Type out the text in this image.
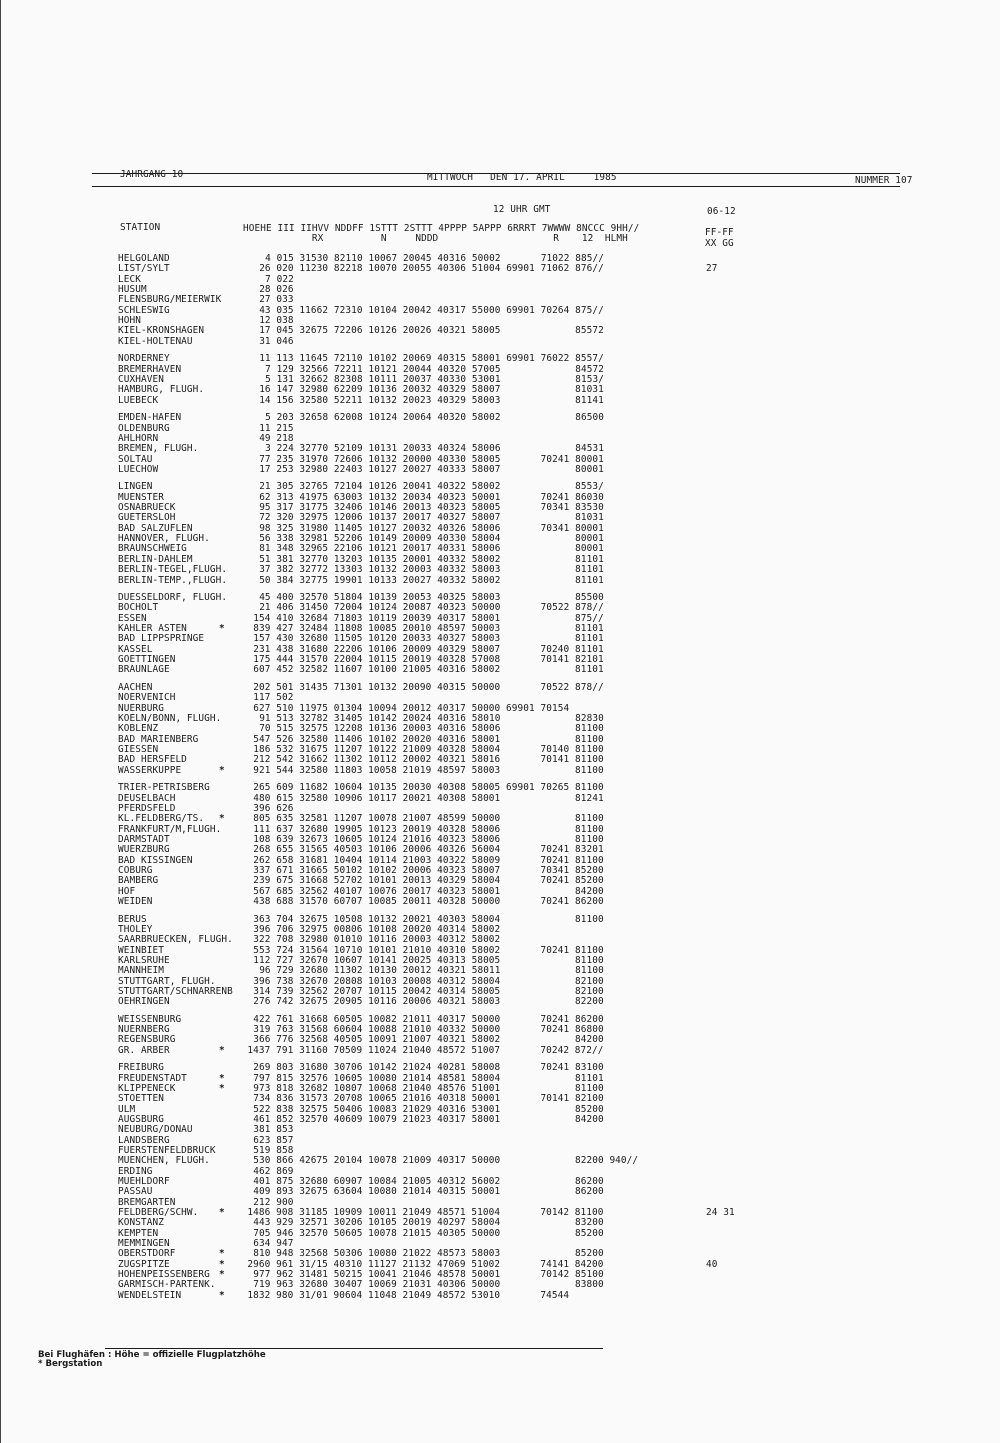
JAHRGANG 10	MITTWOCH   DEN 17. APRIL     1985	NUMMER 107
12 UHR GMT	06-12
STATION	HOEHE III IIHVV NDDFF 1STTT 2STTT 4PPPP 5APPP 6RRRT 7WWWW 8NCCC 9HH//
RX          N     NDDD                    R    12  HLMH
FF-FF
XX GG
HELGOLAND	4 015 31530 82110 10067 20045 40316 50002       71022 885//
LIST/SYLT	26 020 11230 82218 10070 20055 40306 51004 69901 71062 876//	27
LECK	7 022
HUSUM	28 026
FLENSBURG/MEIERWIK	27 033
SCHLESWIG	43 035 11662 72310 10104 20042 40317 55000 69901 70264 875//
HOHN	12 038
KIEL-KRONSHAGEN	17 045 32675 72206 10126 20026 40321 58005             85572
KIEL-HOLTENAU	31 046
NORDERNEY	11 113 11645 72110 10102 20069 40315 58001 69901 76022 8557/
BREMERHAVEN	7 129 32566 72211 10121 20044 40320 57005             84572
CUXHAVEN	5 131 32662 82308 10111 20037 40330 53001             8153/
HAMBURG, FLUGH.	16 147 32980 62209 10136 20032 40329 58007             81031
LUEBECK	14 156 32580 52211 10132 20023 40329 58003             81141
EMDEN-HAFEN	5 203 32658 62008 10124 20064 40320 58002             86500
OLDENBURG	11 215
AHLHORN	49 218
BREMEN, FLUGH.	3 224 32770 52109 10131 20033 40324 58006             84531
SOLTAU	77 235 31970 72606 10132 20000 40330 58005       70241 80001
LUECHOW	17 253 32980 22403 10127 20027 40333 58007             80001
LINGEN	21 305 32765 72104 10126 20041 40322 58002             8553/
MUENSTER	62 313 41975 63003 10132 20034 40323 50001       70241 86030
OSNABRUECK	95 317 31775 32406 10146 20013 40323 58005       70341 83530
GUETERSLOH	72 320 32975 12006 10137 20017 40327 58007             81031
BAD SALZUFLEN	98 325 31980 11405 10127 20032 40326 58006       70341 80001
HANNOVER, FLUGH.	56 338 32981 52206 10149 20009 40330 58004             80001
BRAUNSCHWEIG	81 348 32965 22106 10121 20017 40331 58006             80001
BERLIN-DAHLEM	51 381 32770 13203 10135 20001 40332 58002             81101
BERLIN-TEGEL,FLUGH.	37 382 32772 13303 10132 20003 40332 58003             81101
BERLIN-TEMP.,FLUGH.	50 384 32775 19901 10133 20027 40332 58002             81101
DUESSELDORF, FLUGH.	45 400 32570 51804 10139 20053 40325 58003             85500
BOCHOLT	21 406 31450 72004 10124 20087 40323 50000       70522 878//
ESSEN	154 410 32684 71803 10119 20039 40317 58001             875//
KAHLER ASTEN	*	839 427 32484 11808 10085 20010 48597 50003             81101
BAD LIPPSPRINGE	157 430 32680 11505 10120 20033 40327 58003             81101
KASSEL	231 438 31680 22206 10106 20009 40329 58007       70240 81101
GOETTINGEN	175 444 31570 22004 10115 20019 40328 57008       70141 82101
BRAUNLAGE	607 452 32582 11607 10100 21005 40316 58002             81101
AACHEN	202 501 31435 71301 10132 20090 40315 50000       70522 878//
NOERVENICH	117 502
NUERBURG	627 510 11975 01304 10094 20012 40317 50000 69901 70154
KOELN/BONN, FLUGH.	91 513 32782 31405 10142 20024 40316 58010             82830
KOBLENZ	70 515 32575 12208 10136 20003 40316 58006             81100
BAD MARIENBERG	547 526 32580 11406 10102 20020 40316 58001             81100
GIESSEN	186 532 31675 11207 10122 21009 40328 58004       70140 81100
BAD HERSFELD	212 542 31662 11302 10112 20002 40321 58016       70141 81100
WASSERKUPPE	*	921 544 32580 11803 10058 21019 48597 58003             81100
TRIER-PETRISBERG	265 609 11682 10604 10135 20030 40308 58005 69901 70265 81100
DEUSELBACH	480 615 32580 10906 10117 20021 40308 58001             81241
PFERDSFELD	396 626
KL.FELDBERG/TS. *	805 635 32581 11207 10078 21007 48599 50000             81100
FRANKFURT/M,FLUGH.	111 637 32680 19905 10123 20019 40328 58006             81100
DARMSTADT	108 639 32673 10605 10124 21016 40323 58006             81100
WUERZBURG	268 655 31565 40503 10106 20006 40326 56004       70241 83201
BAD KISSINGEN	262 658 31681 10404 10114 21003 40322 58009       70241 81100
COBURG	337 671 31665 50102 10102 20006 40323 58007       70341 85200
BAMBERG	239 675 31668 52702 10101 20013 40329 58004       70241 85200
HOF	567 685 32562 40107 10076 20017 40323 58001             84200
WEIDEN	438 688 31570 60707 10085 20011 40328 50000       70241 86200
BERUS	363 704 32675 10508 10132 20021 40303 58004             81100
THOLEY	396 706 32975 00806 10108 20020 40314 58002
SAARBRUECKEN, FLUGH. 322 708 32980 01010 10116 20003 40312 58002
WEINBIET	553 724 31564 10710 10101 21010 40310 58002       70241 81100
KARLSRUHE	112 727 32670 10607 10141 20025 40313 58005             81100
MANNHEIM	96 729 32680 11302 10130 20012 40321 58011             81100
STUTTGART, FLUGH.	396 738 32670 20808 10103 20008 40312 58004             82100
STUTTGART/SCHNARRENB 314 739 32562 20707 10115 20042 40314 58005             82100
OEHRINGEN	276 742 32675 20905 10116 20006 40321 58003             82200
WEISSENBURG	422 761 31668 60505 10082 21011 40317 50000       70241 86200
NUERNBERG	319 763 31568 60604 10088 21010 40332 50000       70241 86800
REGENSBURG	366 776 32568 40505 10091 21007 40321 58002             84200
GR. ARBER	* 1437 791 31160 70509 11024 21040 48572 51007       70242 872//
FREIBURG	269 803 31680 30706 10142 21024 40281 58008       70241 83100
FREUDENSTADT	*	797 815 32576 10605 10080 21014 48581 58004             81101
KLIPPENECK	*	973 818 32682 10807 10068 21040 48576 51001             81100
STOETTEN	734 836 31573 20708 10065 21016 40318 50001       70141 82100
ULM	522 838 32575 50406 10083 21029 40316 53001             85200
AUGSBURG	461 852 32570 40609 10079 21023 40317 58001             84200
NEUBURG/DONAU	381 853
LANDSBERG	623 857
FUERSTENFELDBRUCK	519 858
MUENCHEN, FLUGH.	530 866 42675 20104 10078 21009 40317 50000             82200 940//
ERDING	462 869
MUEHLDORF	401 875 32680 60907 10084 21005 40312 56002             86200
PASSAU	409 893 32675 63604 10080 21014 40315 50001             86200
BREMGARTEN	212 900
FELDBERG/SCHW. * 1486 908 31185 10909 10011 21049 48571 51004       70142 81100	24 31
KONSTANZ	443 929 32571 30206 10105 20019 40297 58004             83200
KEMPTEN	705 946 32570 50605 10078 21015 40305 50000             85200
MEMMINGEN	634 947
OBERSTDORF	*	810 948 32568 50306 10080 21022 48573 58003             85200
ZUGSPITZE	* 2960 961 31/15 40310 11127 21132 47069 51002       74141 84200	40
HOHENPEISSENBERG *	977 962 31481 50215 10041 21046 48578 50001       70142 85100
GARMISCH-PARTENK.	719 963 32680 30407 10069 21031 40306 50000             83800
WENDELSTEIN	* 1832 980 31/01 90604 11048 21049 48572 53010       74544
Bei Flughäfen : Höhe = offizielle Flugplatzhöhe
* Bergstation
